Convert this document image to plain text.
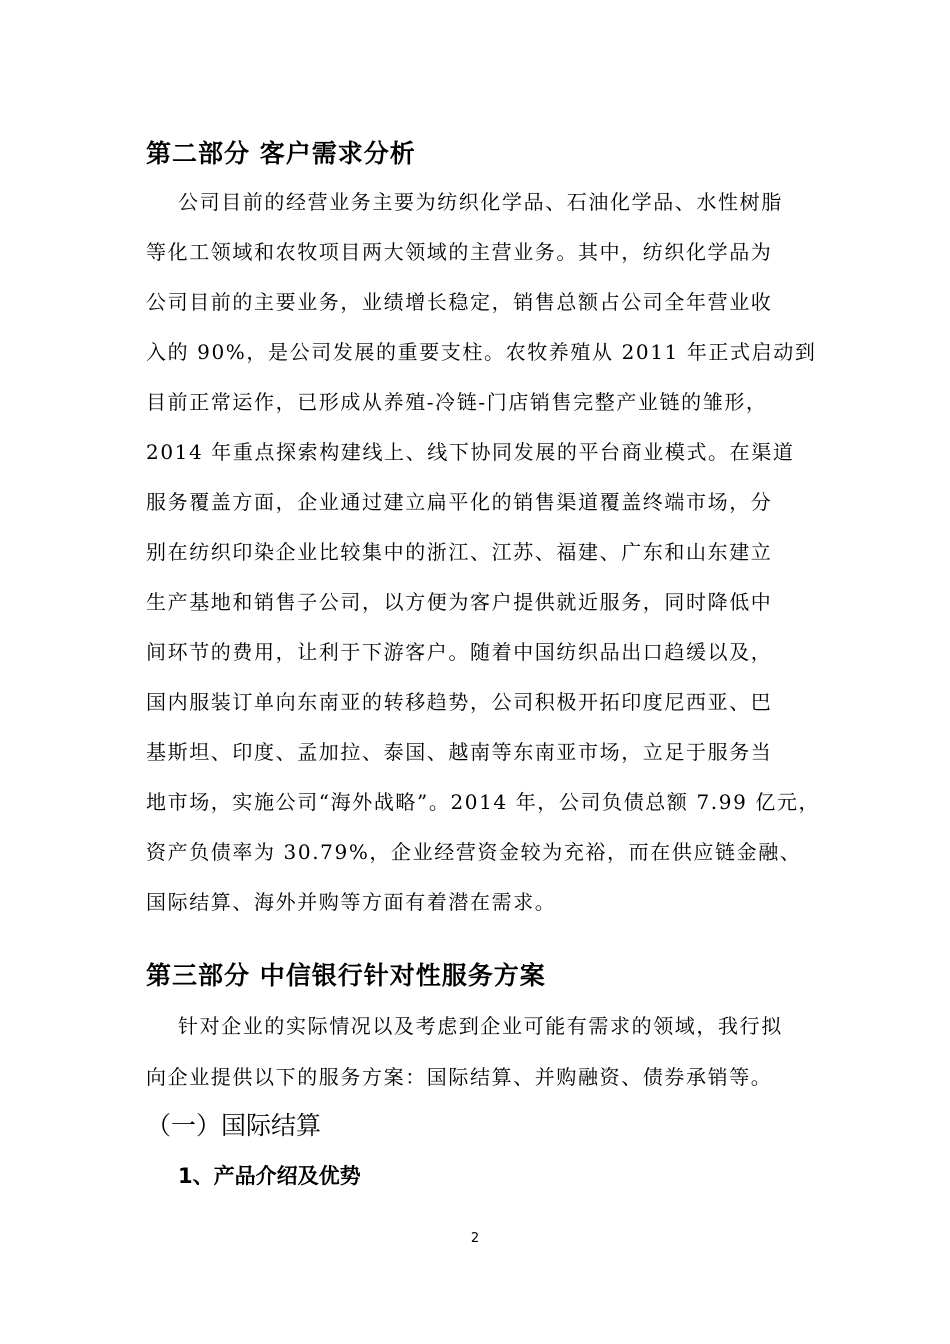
第二部分 客户需求分析
公司目前的经营业务主要为纺织化学品、石油化学品、水性树脂
等化工领域和农牧项目两大领域的主营业务。其中，纺织化学品为
公司目前的主要业务，业绩增长稳定，销售总额占公司全年营业收
入的 90%，是公司发展的重要支柱。农牧养殖从 2011 年正式启动到
目前正常运作，已形成从养殖-冷链-门店销售完整产业链的雏形，
2014 年重点探索构建线上、线下协同发展的平台商业模式。在渠道
服务覆盖方面，企业通过建立扁平化的销售渠道覆盖终端市场，分
别在纺织印染企业比较集中的浙江、江苏、福建、广东和山东建立
生产基地和销售子公司，以方便为客户提供就近服务，同时降低中
间环节的费用，让利于下游客户。随着中国纺织品出口趋缓以及，
国内服装订单向东南亚的转移趋势，公司积极开拓印度尼西亚、巴
基斯坦、印度、孟加拉、泰国、越南等东南亚市场，立足于服务当
地市场，实施公司“海外战略”。2014 年，公司负债总额 7.99 亿元，
资产负债率为 30.79%，企业经营资金较为充裕，而在供应链金融、
国际结算、海外并购等方面有着潜在需求。
第三部分 中信银行针对性服务方案
针对企业的实际情况以及考虑到企业可能有需求的领域，我行拟
向企业提供以下的服务方案：国际结算、并购融资、债券承销等。
（一）国际结算
1、产品介绍及优势
2
